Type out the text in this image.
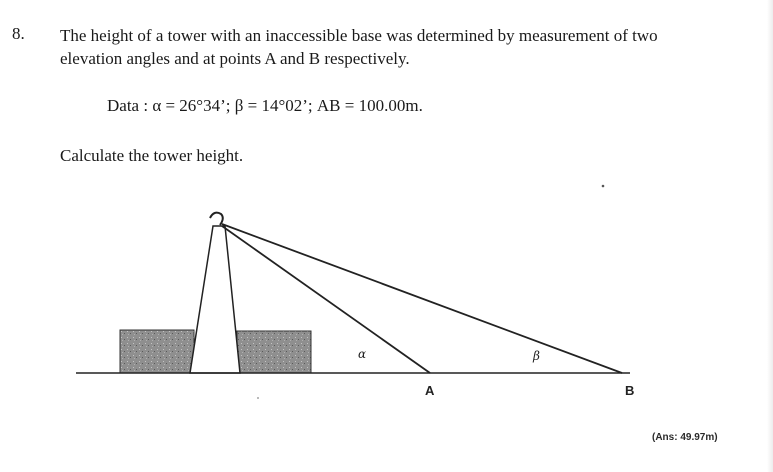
8. The height of a tower with an inaccessible base was determined by measurement of two
elevation angles and at points A and B respectively.
Data : α = 26°34’; β = 14°02’; AB = 100.00m.
Calculate the tower height.
α	β
A	B
(Ans: 49.97m)
